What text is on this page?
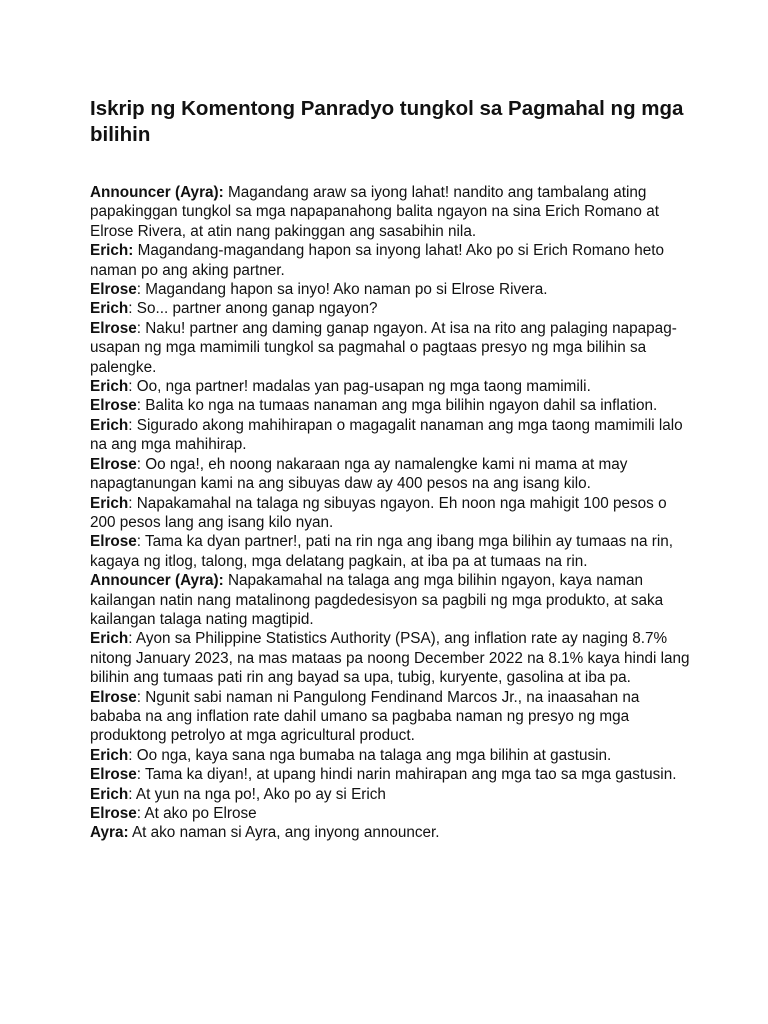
Iskrip ng Komentong Panradyo tungkol sa Pagmahal ng mga bilihin

Announcer (Ayra): Magandang araw sa iyong lahat! nandito ang tambalang ating papakinggan tungkol sa mga napapanahong balita ngayon na sina Erich Romano at Elrose Rivera, at atin nang pakinggan ang sasabihin nila.

Erich: Magandang-magandang hapon sa inyong lahat! Ako po si Erich Romano heto naman po ang aking partner.

Elrose: Magandang hapon sa inyo! Ako naman po si Elrose Rivera.

Erich: So... partner anong ganap ngayon?

Elrose: Naku! partner ang daming ganap ngayon. At isa na rito ang palaging napapag-usapan ng mga mamimili tungkol sa pagmahal o pagtaas presyo ng mga bilihin sa palengke.

Erich: Oo, nga partner! madalas yan pag-usapan ng mga taong mamimili.

Elrose: Balita ko nga na tumaas nanaman ang mga bilihin ngayon dahil sa inflation.

Erich: Sigurado akong mahihirapan o magagalit nanaman ang mga taong mamimili lalo na ang mga mahihirap.

Elrose: Oo nga!, eh noong nakaraan nga ay namalengke kami ni mama at may napagtanungan kami na ang sibuyas daw ay 400 pesos na ang isang kilo.

Erich: Napakamahal na talaga ng sibuyas ngayon. Eh noon nga mahigit 100 pesos o 200 pesos lang ang isang kilo nyan.

Elrose: Tama ka dyan partner!, pati na rin nga ang ibang mga bilihin ay tumaas na rin, kagaya ng itlog, talong, mga delatang pagkain, at iba pa at tumaas na rin.

Announcer (Ayra): Napakamahal na talaga ang mga bilihin ngayon, kaya naman kailangan natin nang matalinong pagdedesisyon sa pagbili ng mga produkto, at saka kailangan talaga nating magtipid.

Erich: Ayon sa Philippine Statistics Authority (PSA), ang inflation rate ay naging 8.7% nitong January 2023, na mas mataas pa noong December 2022 na 8.1% kaya hindi lang bilihin ang tumaas pati rin ang bayad sa upa, tubig, kuryente, gasolina at iba pa.

Elrose: Ngunit sabi naman ni Pangulong Fendinand Marcos Jr., na inaasahan na bababa na ang inflation rate dahil umano sa pagbaba naman ng presyo ng mga produktong petrolyo at mga agricultural product.

Erich: Oo nga, kaya sana nga bumaba na talaga ang mga bilihin at gastusin.

Elrose: Tama ka diyan!, at upang hindi narin mahirapan ang mga tao sa mga gastusin.

Erich: At yun na nga po!, Ako po ay si Erich

Elrose: At ako po Elrose

Ayra: At ako naman si Ayra, ang inyong announcer.
